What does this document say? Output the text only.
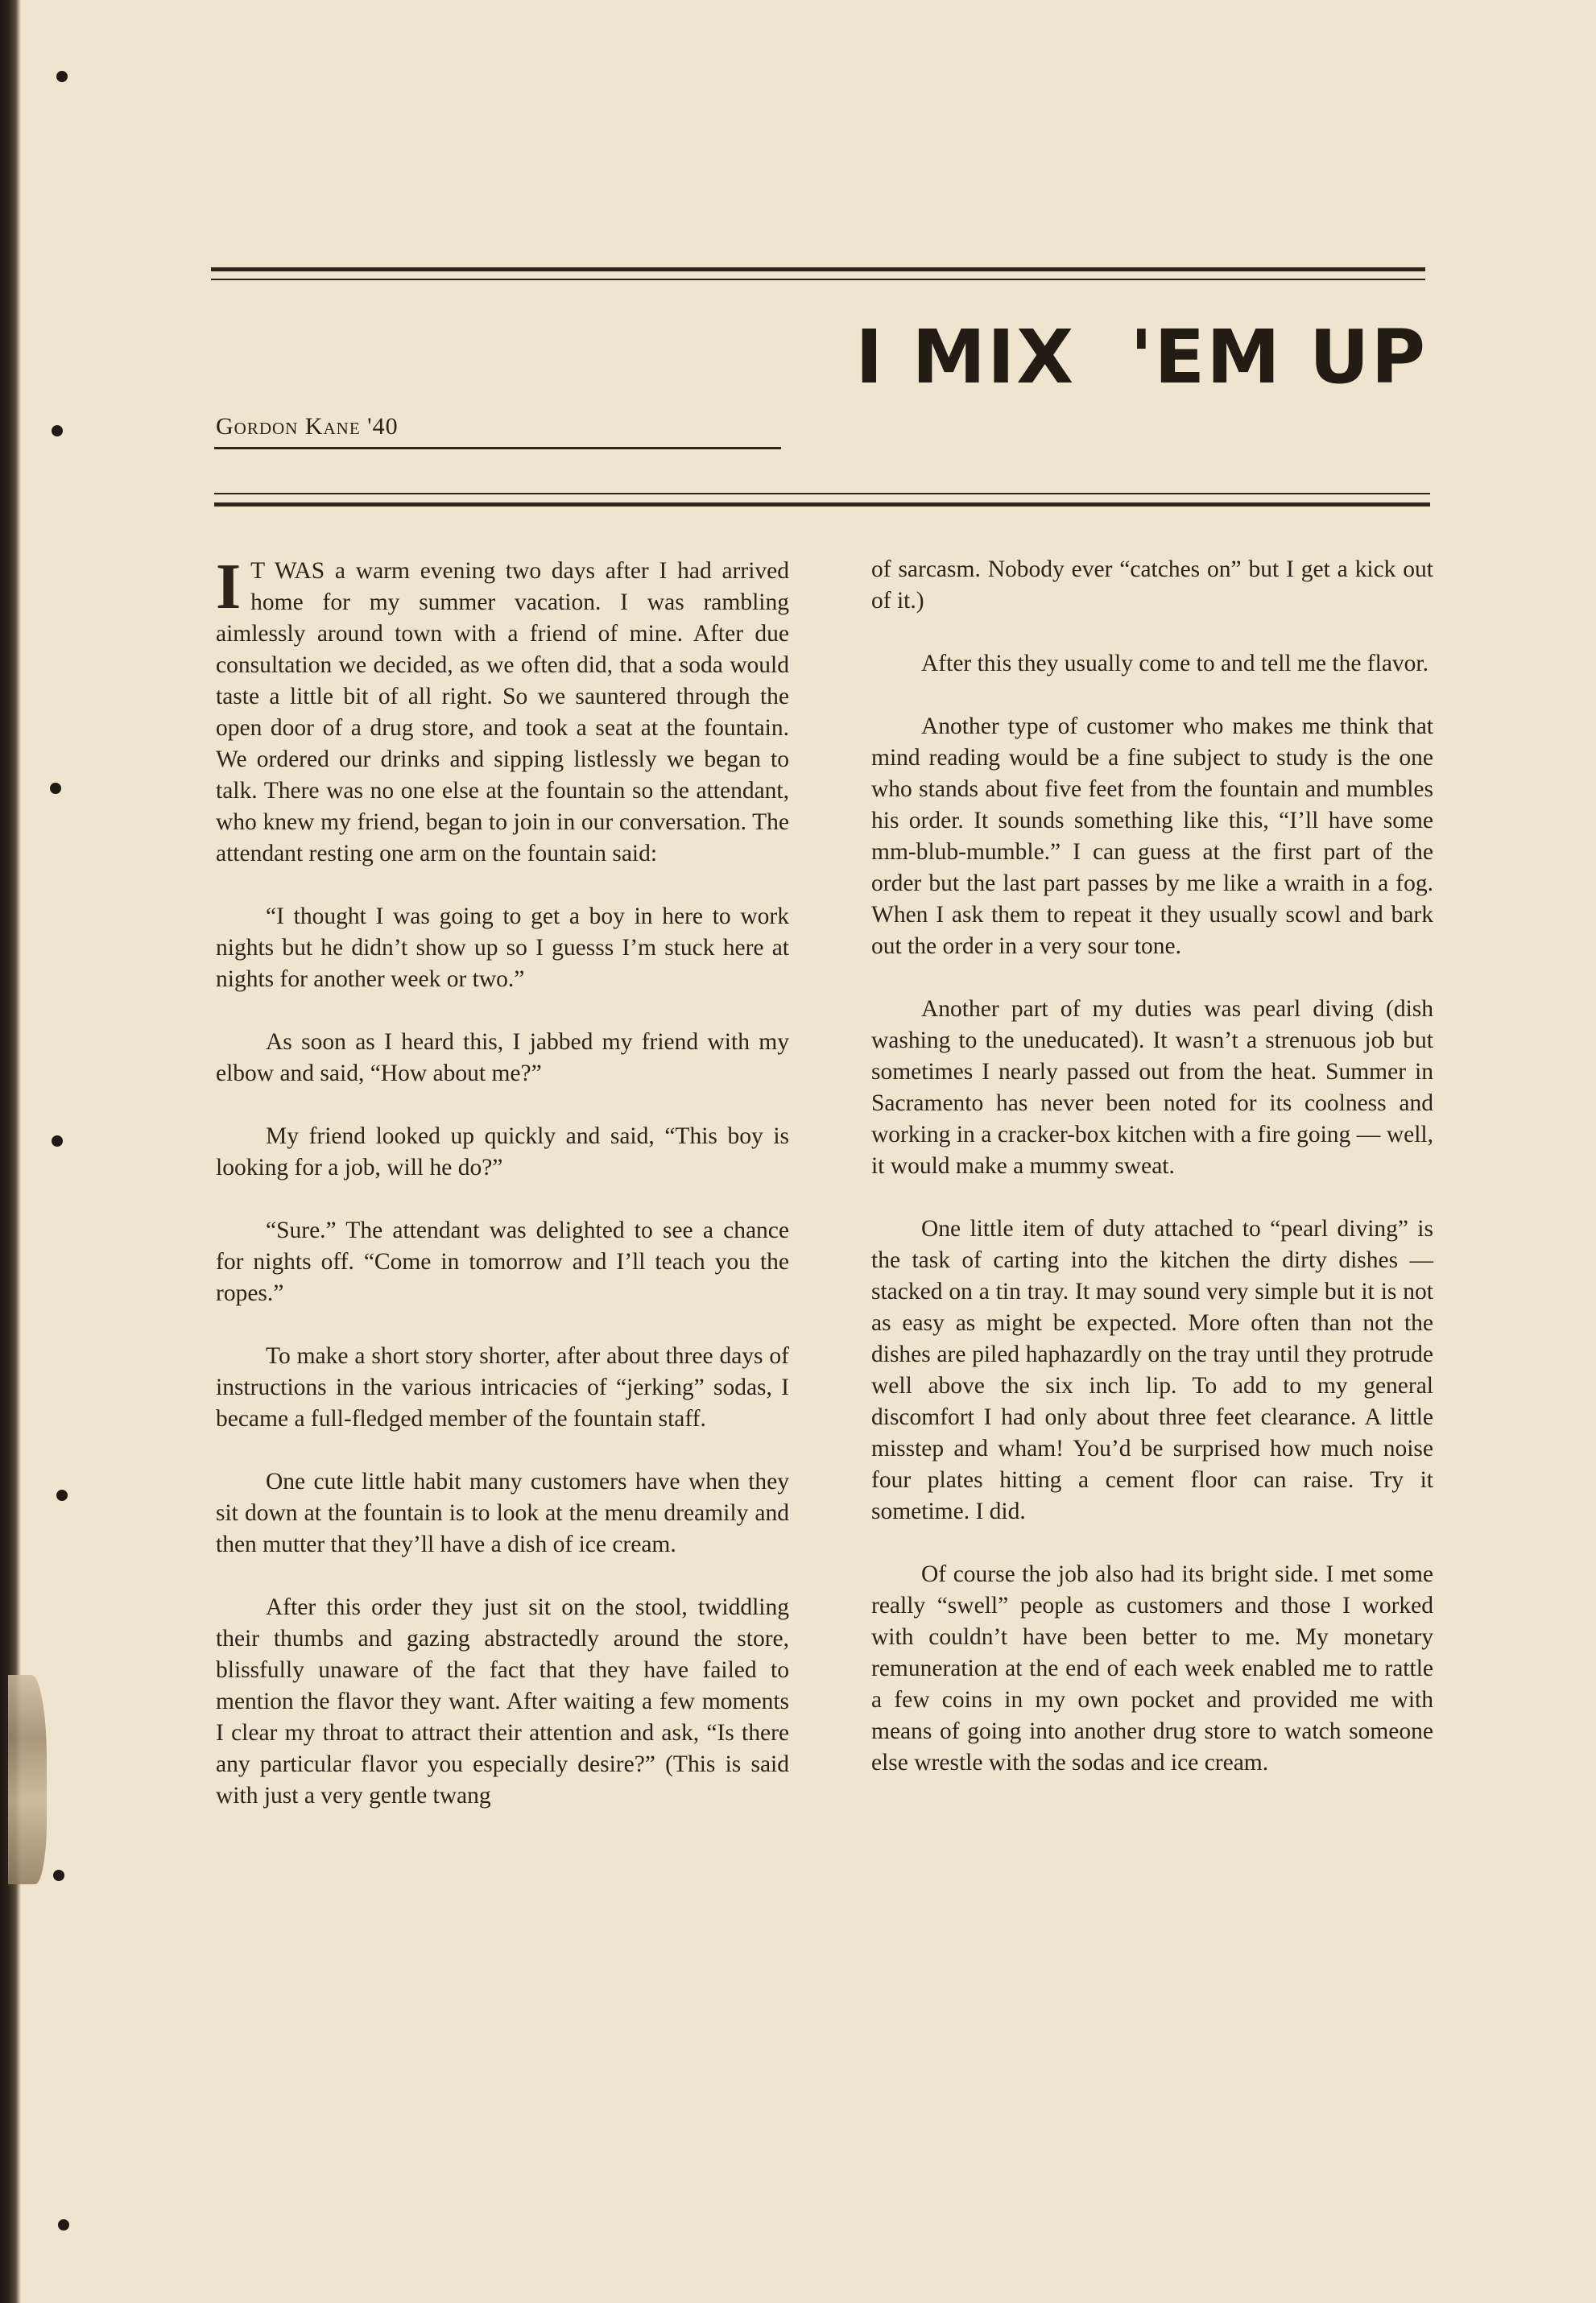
I MIX  'EM UP
Gordon Kane '40

I T WAS a warm evening two days after I had arrived home for my summer vacation. I was rambling aimlessly around town with a friend of mine. After due consultation we decided, as we often did, that a soda would taste a little bit of all right. So we sauntered through the open door of a drug store, and took a seat at the fountain. We ordered our drinks and sipping listlessly we began to talk. There was no one else at the fountain so the attendant, who knew my friend, began to join in our conversation. The attendant resting one arm on the fountain said:

“I thought I was going to get a boy in here to work nights but he didn’t show up so I guesss I’m stuck here at nights for another week or two.”

As soon as I heard this, I jabbed my friend with my elbow and said, “How about me?”

My friend looked up quickly and said, “This boy is looking for a job, will he do?”

“Sure.” The attendant was delighted to see a chance for nights off. “Come in tomorrow and I’ll teach you the ropes.”

To make a short story shorter, after about three days of instructions in the various intricacies of “jerking” sodas, I became a full-fledged member of the fountain staff.

One cute little habit many customers have when they sit down at the fountain is to look at the menu dreamily and then mutter that they’ll have a dish of ice cream.

After this order they just sit on the stool, twiddling their thumbs and gazing abstractedly around the store, blissfully unaware of the fact that they have failed to mention the flavor they want. After waiting a few moments I clear my throat to attract their attention and ask, “Is there any particular flavor you especially desire?” (This is said with just a very gentle twang

of sarcasm. Nobody ever “catches on” but I get a kick out of it.)

After this they usually come to and tell me the flavor.

Another type of customer who makes me think that mind reading would be a fine subject to study is the one who stands about five feet from the fountain and mumbles his order. It sounds something like this, “I’ll have some mm-blub-mumble.” I can guess at the first part of the order but the last part passes by me like a wraith in a fog. When I ask them to repeat it they usually scowl and bark out the order in a very sour tone.

Another part of my duties was pearl diving (dish washing to the uneducated). It wasn’t a strenuous job but sometimes I nearly passed out from the heat. Summer in Sacramento has never been noted for its coolness and working in a cracker-box kitchen with a fire going — well, it would make a mummy sweat.

One little item of duty attached to “pearl diving” is the task of carting into the kitchen the dirty dishes — stacked on a tin tray. It may sound very simple but it is not as easy as might be expected. More often than not the dishes are piled haphazardly on the tray until they protrude well above the six inch lip. To add to my general discomfort I had only about three feet clearance. A little misstep and wham! You’d be surprised how much noise four plates hitting a cement floor can raise. Try it sometime. I did.

Of course the job also had its bright side. I met some really “swell” people as customers and those I worked with couldn’t have been better to me. My monetary remuneration at the end of each week enabled me to rattle a few coins in my own pocket and provided me with means of going into another drug store to watch someone else wrestle with the sodas and ice cream.
